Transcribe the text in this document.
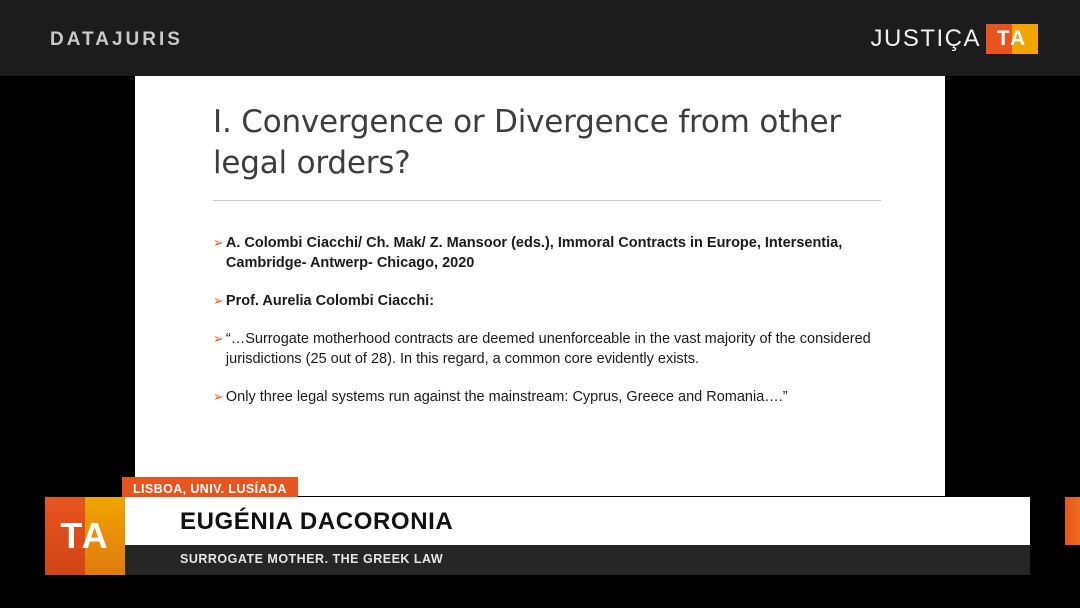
DATAJURIS	JUSTIÇA TA
I. Convergence or Divergence from other legal orders?
➢ A. Colombi Ciacchi/ Ch. Mak/ Z. Mansoor (eds.), Immoral Contracts in Europe, Intersentia, Cambridge- Antwerp- Chicago, 2020
➢ Prof. Aurelia Colombi Ciacchi:
➢ “…Surrogate motherhood contracts are deemed unenforceable in the vast majority of the considered jurisdictions (25 out of 28). In this regard, a common core evidently exists.
➢ Only three legal systems run against the mainstream: Cyprus, Greece and Romania….”
LISBOA, UNIV. LUSÍADA
TA	EUGÉNIA DACORONIA
SURROGATE MOTHER. THE GREEK LAW
